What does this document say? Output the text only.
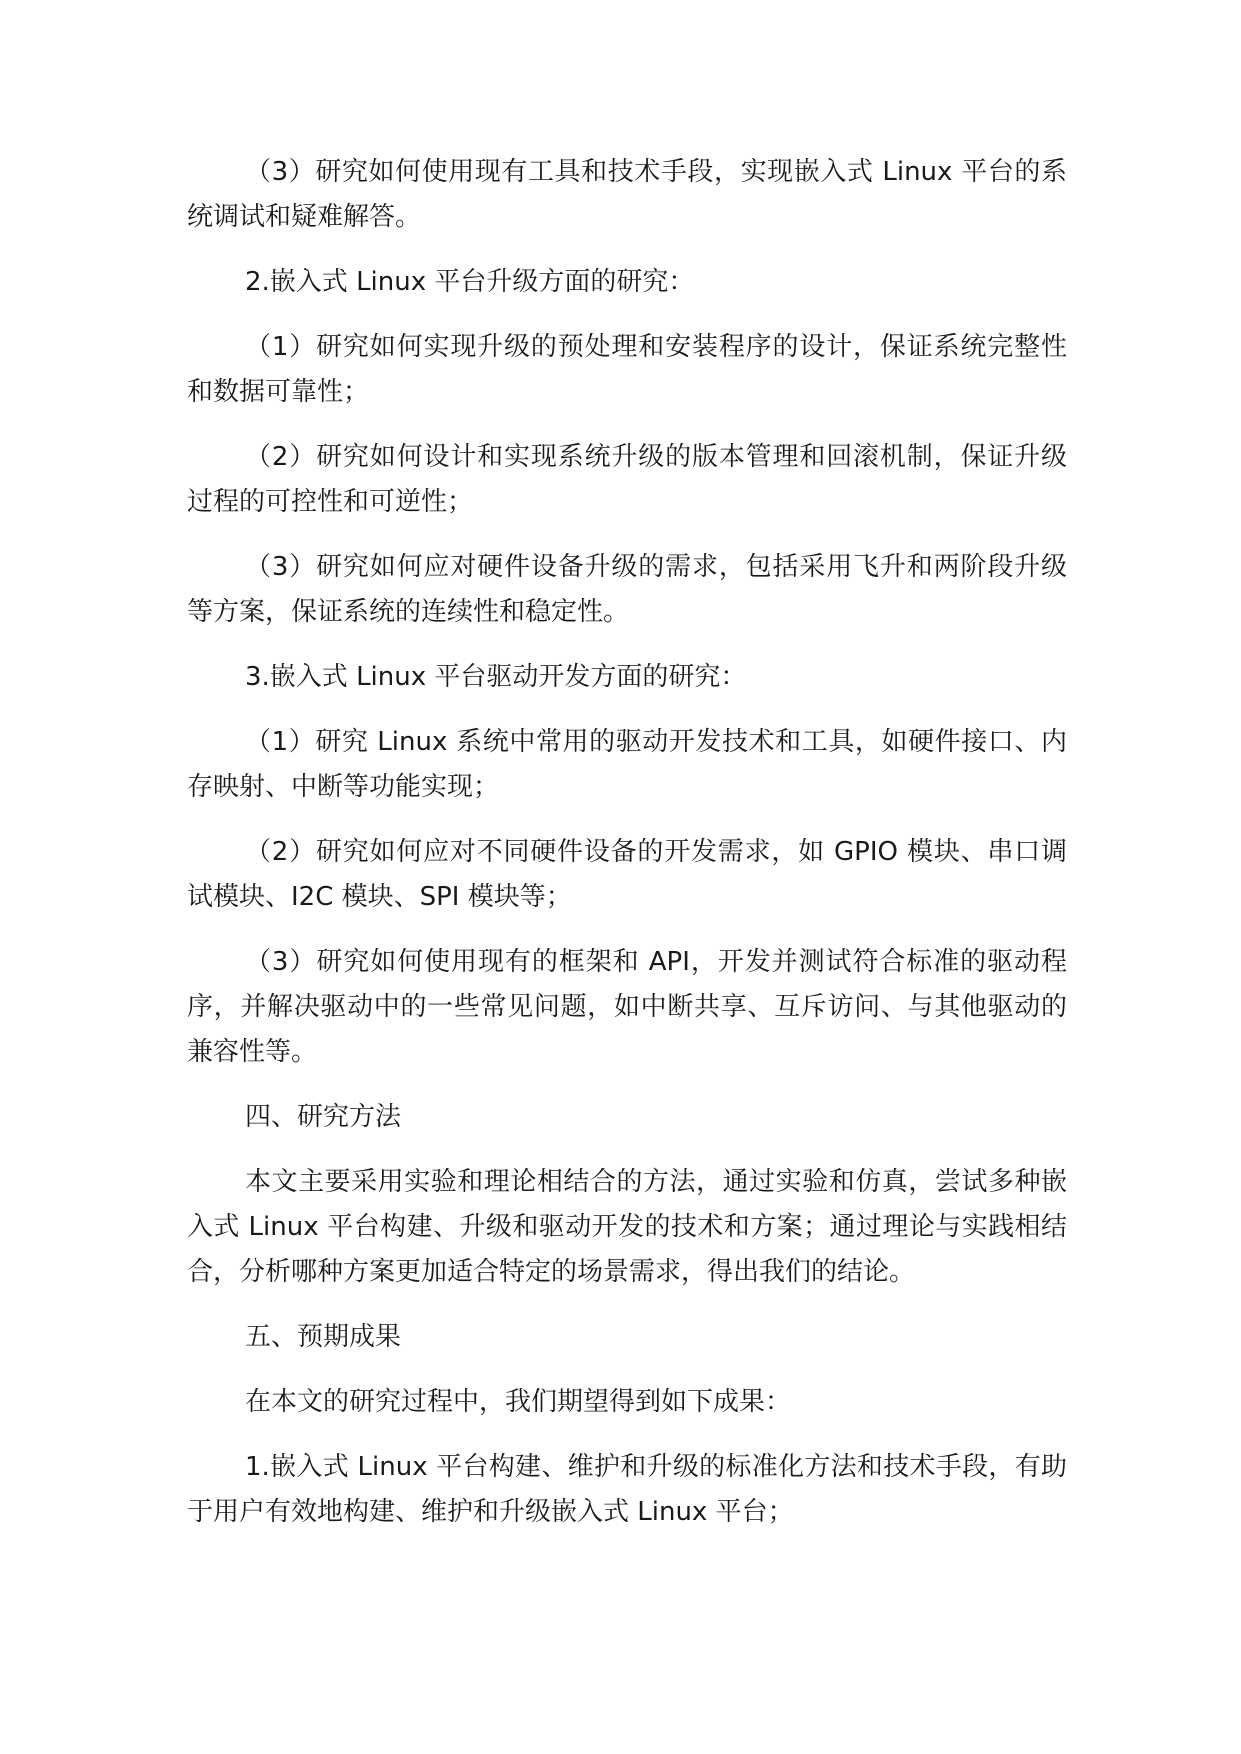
（3）研究如何使用现有工具和技术手段，实现嵌入式 Linux 平台的系统调试和疑难解答。

2.嵌入式 Linux 平台升级方面的研究：

（1）研究如何实现升级的预处理和安装程序的设计，保证系统完整性和数据可靠性；

（2）研究如何设计和实现系统升级的版本管理和回滚机制，保证升级过程的可控性和可逆性；

（3）研究如何应对硬件设备升级的需求，包括采用飞升和两阶段升级等方案，保证系统的连续性和稳定性。

3.嵌入式 Linux 平台驱动开发方面的研究：

（1）研究 Linux 系统中常用的驱动开发技术和工具，如硬件接口、内存映射、中断等功能实现；

（2）研究如何应对不同硬件设备的开发需求，如 GPIO 模块、串口调试模块、I2C 模块、SPI 模块等；

（3）研究如何使用现有的框架和 API，开发并测试符合标准的驱动程序，并解决驱动中的一些常见问题，如中断共享、互斥访问、与其他驱动的兼容性等。

四、研究方法

本文主要采用实验和理论相结合的方法，通过实验和仿真，尝试多种嵌入式 Linux 平台构建、升级和驱动开发的技术和方案；通过理论与实践相结合，分析哪种方案更加适合特定的场景需求，得出我们的结论。

五、预期成果

在本文的研究过程中，我们期望得到如下成果：

1.嵌入式 Linux 平台构建、维护和升级的标准化方法和技术手段，有助于用户有效地构建、维护和升级嵌入式 Linux 平台；
